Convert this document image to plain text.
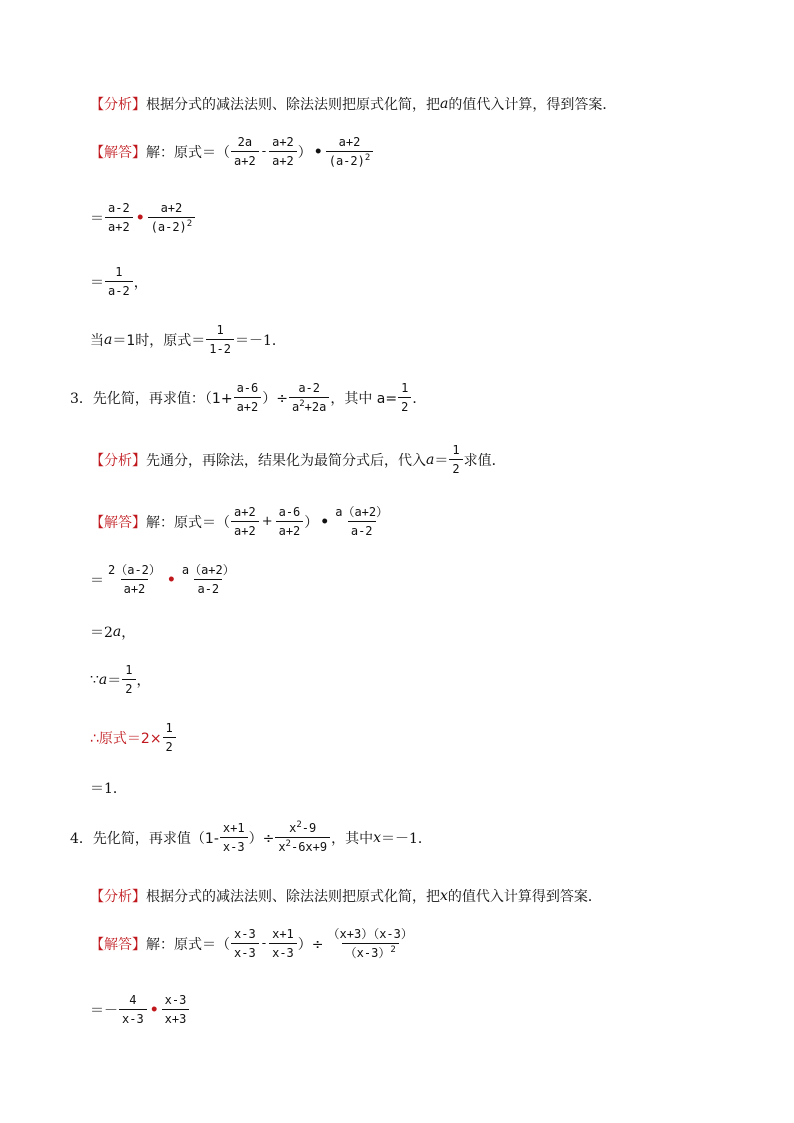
【分析】 根据分式的减法法则、除法法则把原式化简，把 a 的值代入计算，得到答案．
【解答】 解：原式＝（ $\frac{2a}{a+2} - \frac{a+2}{a+2}$ ） • $\frac{a+2}{(a-2)^2}$
＝ $\frac{a-2}{a+2}$ • $\frac{a+2}{(a-2)^2}$
＝ $\frac{1}{a-2}$ ，
当 a ＝1时，原式＝ $\frac{1}{1-2} =-1$．
3． 先化简，再求值：（$1+ \frac{a-6}{a+2}$ ）÷ $\frac{a-2}{a^2+2a}$ ，其中 $a= \frac{1}{2}$ ．
【分析】 先通分，再除法，结果化为最简分式后，代入 $a = \frac{1}{2}$ 求值．
【解答】 解：原式＝（ $\frac{a+2}{a+2} + \frac{a-6}{a+2}$ ） • $\frac{a(a+2)}{a-2}$
＝ $\frac{2(a-2)}{a+2}$ • $\frac{a(a+2)}{a-2}$
＝2 a ，
∵ $a = \frac{1}{2}$ ，
∴原式$=2\times \frac{1}{2}$
＝1．
4． 先化简，再求值（$1- \frac{x+1}{x-3}$ ）÷ $\frac{x^2-9}{x^2-6x+9}$ ，其中 x ＝－1．
【分析】 根据分式的减法法则、除法法则把原式化简，把 x 的值代入计算得到答案．
【解答】 解：原式＝（ $\frac{x-3}{x-3} - \frac{x+1}{x-3}$ ）÷ $\frac{(x+3)(x-3)}{(x-3)^2}$
＝－ $\frac{4}{x-3}$ • $\frac{x-3}{x+3}$
